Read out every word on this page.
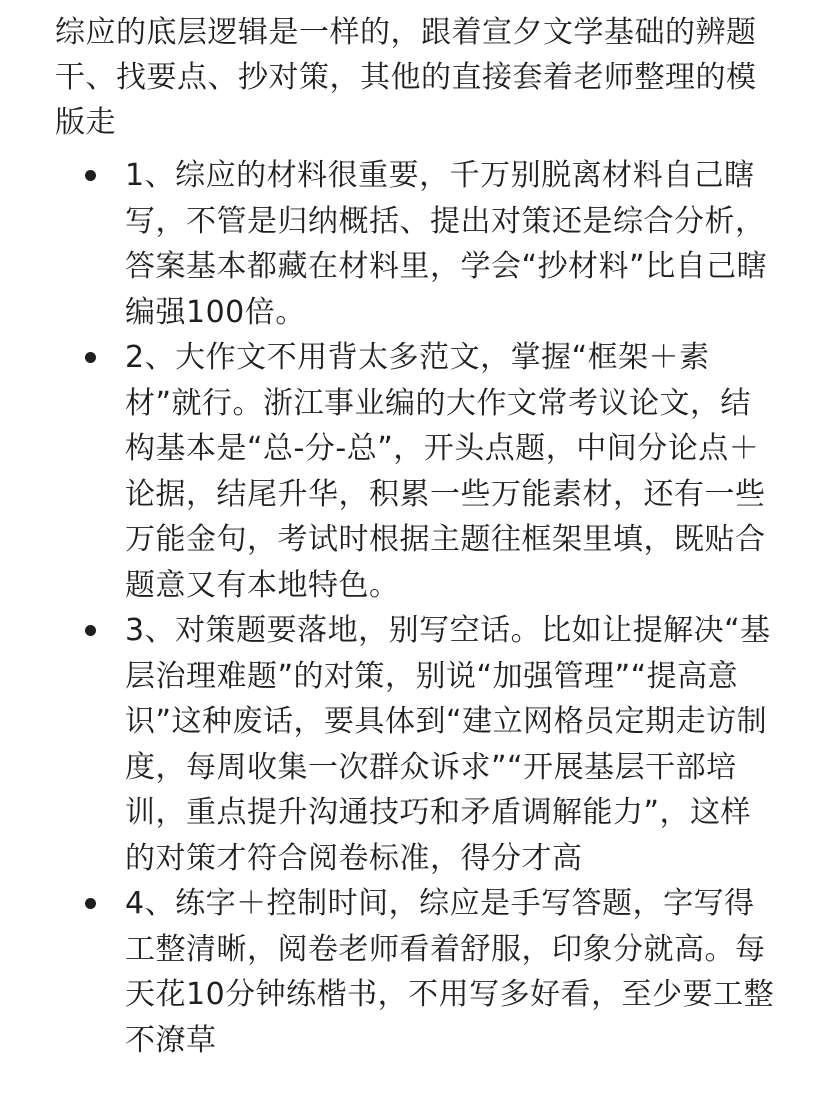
综应的底层逻辑是一样的，跟着宣夕文学基础的辨题干、找要点、抄对策，其他的直接套着老师整理的模版走

1、综应的材料很重要，千万别脱离材料自己瞎写，不管是归纳概括、提出对策还是综合分析，答案基本都藏在材料里，学会“抄材料”比自己瞎编强100倍。
2、大作文不用背太多范文，掌握“框架＋素材”就行。浙江事业编的大作文常考议论文，结构基本是“总-分-总”，开头点题，中间分论点＋论据，结尾升华，积累一些万能素材，还有一些万能金句，考试时根据主题往框架里填，既贴合题意又有本地特色。
3、对策题要落地，别写空话。比如让提解决“基层治理难题”的对策，别说“加强管理”“提高意识”这种废话，要具体到“建立网格员定期走访制度，每周收集一次群众诉求”“开展基层干部培训，重点提升沟通技巧和矛盾调解能力”，这样的对策才符合阅卷标准，得分才高
4、练字＋控制时间，综应是手写答题，字写得工整清晰，阅卷老师看着舒服，印象分就高。每天花10分钟练楷书，不用写多好看，至少要工整不潦草
